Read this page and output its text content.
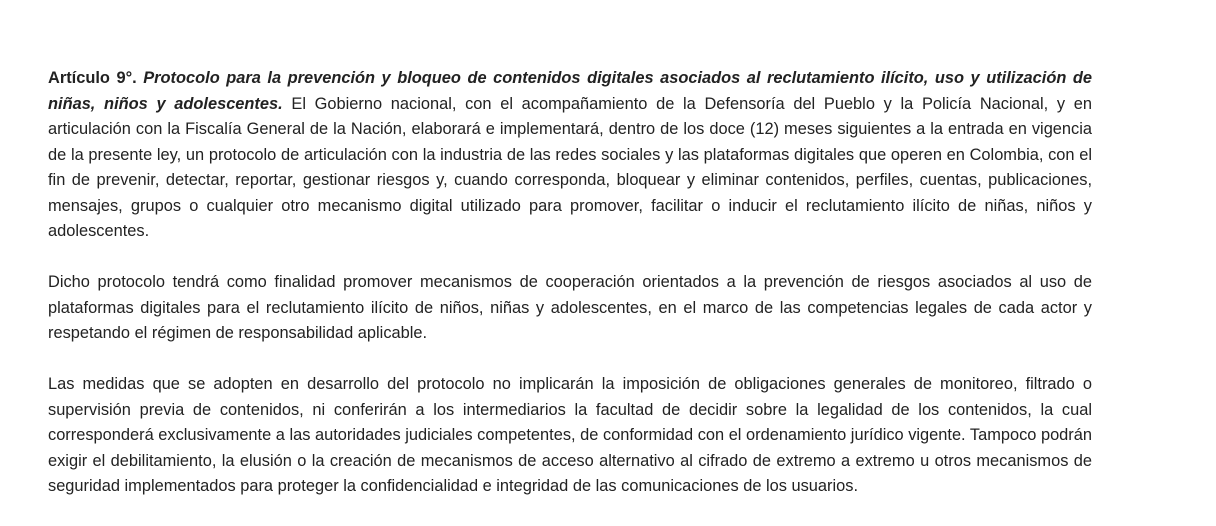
Artículo 9°. Protocolo para la prevención y bloqueo de contenidos digitales asociados al reclutamiento ilícito, uso y utilización de niñas, niños y adolescentes. El Gobierno nacional, con el acompañamiento de la Defensoría del Pueblo y la Policía Nacional, y en articulación con la Fiscalía General de la Nación, elaborará e implementará, dentro de los doce (12) meses siguientes a la entrada en vigencia de la presente ley, un protocolo de articulación con la industria de las redes sociales y las plataformas digitales que operen en Colombia, con el fin de prevenir, detectar, reportar, gestionar riesgos y, cuando corresponda, bloquear y eliminar contenidos, perfiles, cuentas, publicaciones, mensajes, grupos o cualquier otro mecanismo digital utilizado para promover, facilitar o inducir el reclutamiento ilícito de niñas, niños y adolescentes.

Dicho protocolo tendrá como finalidad promover mecanismos de cooperación orientados a la prevención de riesgos asociados al uso de plataformas digitales para el reclutamiento ilícito de niños, niñas y adolescentes, en el marco de las competencias legales de cada actor y respetando el régimen de responsabilidad aplicable.

Las medidas que se adopten en desarrollo del protocolo no implicarán la imposición de obligaciones generales de monitoreo, filtrado o supervisión previa de contenidos, ni conferirán a los intermediarios la facultad de decidir sobre la legalidad de los contenidos, la cual corresponderá exclusivamente a las autoridades judiciales competentes, de conformidad con el ordenamiento jurídico vigente. Tampoco podrán exigir el debilitamiento, la elusión o la creación de mecanismos de acceso alternativo al cifrado de extremo a extremo u otros mecanismos de seguridad implementados para proteger la confidencialidad e integridad de las comunicaciones de los usuarios.
